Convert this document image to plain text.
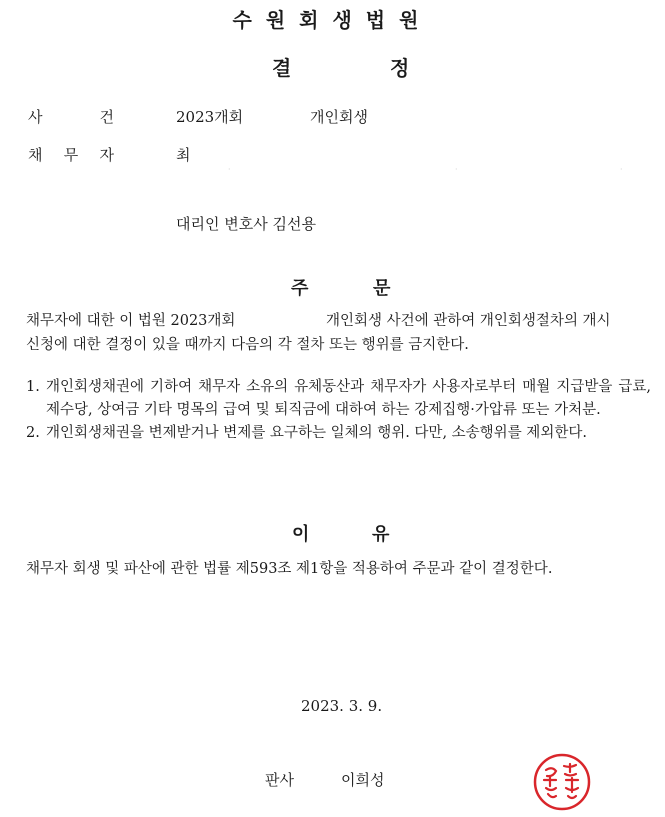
수원회생법원
결	정
사 건	2023개회	개인회생
채 무 자	최
·	·	·
대리인 변호사 김선용
주	문
채무자에 대한 이 법원 2023개회	개인회생 사건에 관하여 개인회생절차의 개시
신청에 대한 결정이 있을 때까지 다음의 각 절차 또는 행위를 금지한다.
1. 개인회생채권에 기하여 채무자 소유의 유체동산과 채무자가 사용자로부터 매월 지급받을 급료, 제수당, 상여금 기타 명목의 급여 및 퇴직금에 대하여 하는 강제집행·가압류 또는 가처분.
2. 개인회생채권을 변제받거나 변제를 요구하는 일체의 행위. 다만, 소송행위를 제외한다.
이	유
채무자 회생 및 파산에 관한 법률 제593조 제1항을 적용하여 주문과 같이 결정한다.
2023. 3. 9.
판사	이희성
